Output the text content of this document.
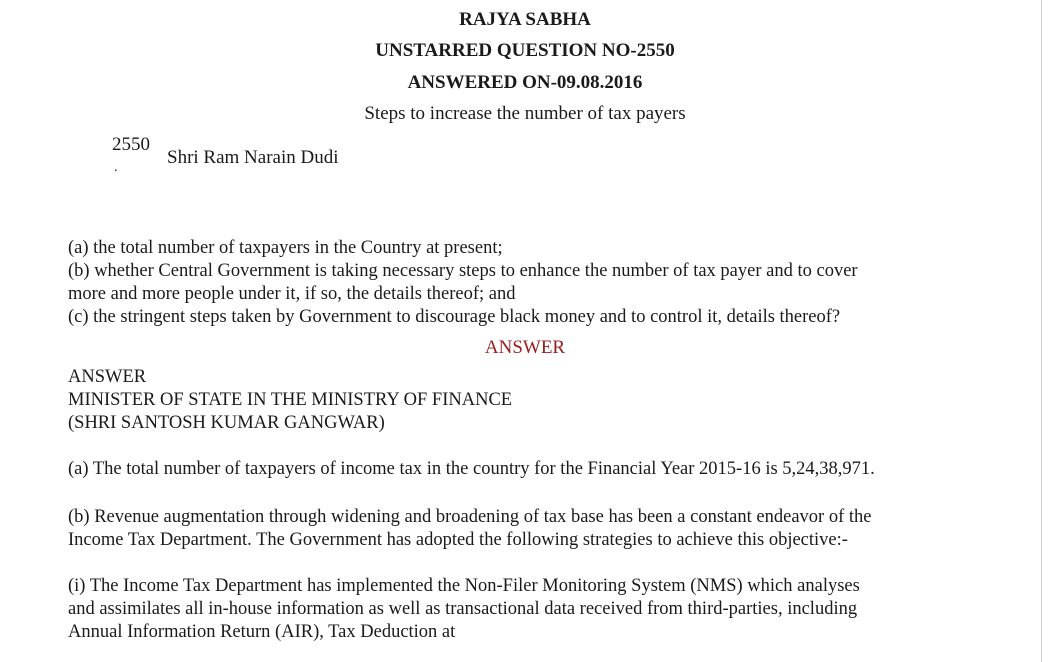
RAJYA SABHA
UNSTARRED QUESTION NO-2550
ANSWERED ON-09.08.2016
Steps to increase the number of tax payers
2550
.	Shri Ram Narain Dudi
(a) the total number of taxpayers in the Country at present;
(b) whether Central Government is taking necessary steps to enhance the number of tax payer and to cover
more and more people under it, if so, the details thereof; and
(c) the stringent steps taken by Government to discourage black money and to control it, details thereof?
ANSWER
ANSWER
MINISTER OF STATE IN THE MINISTRY OF FINANCE
(SHRI SANTOSH KUMAR GANGWAR)
(a) The total number of taxpayers of income tax in the country for the Financial Year 2015-16 is 5,24,38,971.
(b) Revenue augmentation through widening and broadening of tax base has been a constant endeavor of the
Income Tax Department. The Government has adopted the following strategies to achieve this objective:-
(i) The Income Tax Department has implemented the Non-Filer Monitoring System (NMS) which analyses
and assimilates all in-house information as well as transactional data received from third-parties, including
Annual Information Return (AIR), Tax Deduction at
